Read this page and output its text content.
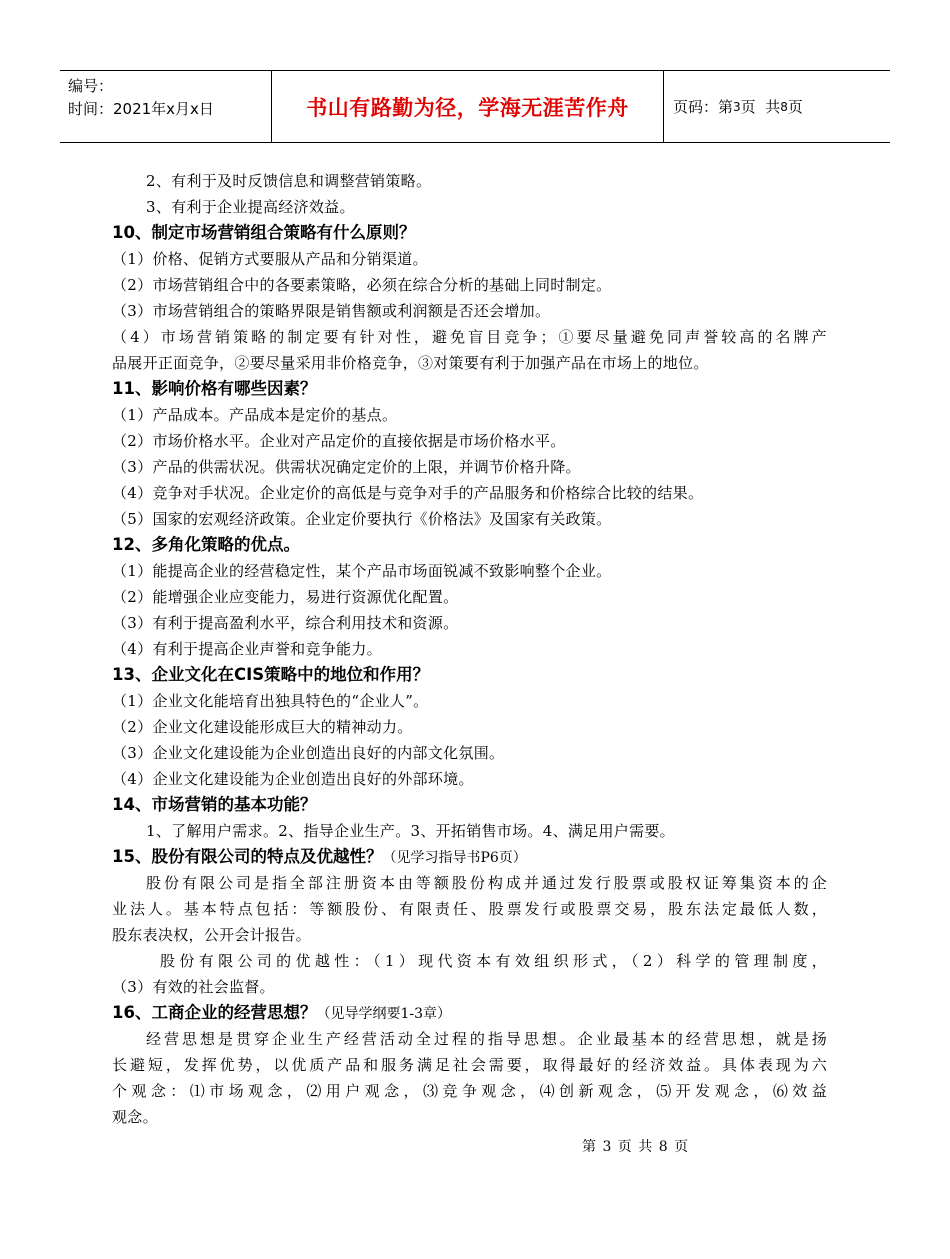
编号：
时间：2021年x月x日	书山有路勤为径，学海无涯苦作舟	页码：第 3 页  共 8 页
2、有利于及时反馈信息和调整营销策略。
3、有利于企业提高经济效益。
10、制定市场营销组合策略有什么原则？
（1）价格、促销方式要服从产品和分销渠道。
（2）市场营销组合中的各要素策略，必须在综合分析的基础上同时制定。
（3）市场营销组合的策略界限是销售额或利润额是否还会增加。
（4）市场营销策略的制定要有针对性，避免盲目竞争；①要尽量避免同声誉较高的名牌产
品展开正面竞争，②要尽量采用非价格竞争，③对策要有利于加强产品在市场上的地位。
11、影响价格有哪些因素？
（1）产品成本。产品成本是定价的基点。
（2）市场价格水平。企业对产品定价的直接依据是市场价格水平。
（3）产品的供需状况。供需状况确定定价的上限，并调节价格升降。
（4）竞争对手状况。企业定价的高低是与竞争对手的产品服务和价格综合比较的结果。
（5）国家的宏观经济政策。企业定价要执行《价格法》及国家有关政策。
12、多角化策略的优点。
（1）能提高企业的经营稳定性，某个产品市场面锐减不致影响整个企业。
（2）能增强企业应变能力，易进行资源优化配置。
（3）有利于提高盈利水平，综合利用技术和资源。
（4）有利于提高企业声誉和竞争能力。
13、企业文化在CIS策略中的地位和作用？
（1）企业文化能培育出独具特色的“企业人”。
（2）企业文化建设能形成巨大的精神动力。
（3）企业文化建设能为企业创造出良好的内部文化氛围。
（4）企业文化建设能为企业创造出良好的外部环境。
14、市场营销的基本功能？
1、了解用户需求。2、指导企业生产。3、开拓销售市场。4、满足用户需要。
15、股份有限公司的特点及优越性？（见学习指导书P6页）
股份有限公司是指全部注册资本由等额股份构成并通过发行股票或股权证筹集资本的企
业法人。基本特点包括：等额股份、有限责任、股票发行或股票交易，股东法定最低人数，
股东表决权，公开会计报告。
股份有限公司的优越性：（1）现代资本有效组织形式，（2）科学的管理制度，
（3）有效的社会监督。
16、工商企业的经营思想？（见导学纲要1-3章）
经营思想是贯穿企业生产经营活动全过程的指导思想。企业最基本的经营思想，就是扬
长避短，发挥优势，以优质产品和服务满足社会需要，取得最好的经济效益。具体表现为六
个观念：⑴市场观念，⑵用户观念，⑶竞争观念，⑷创新观念，⑸开发观念，⑹效益
观念。
第 3 页 共 8 页
